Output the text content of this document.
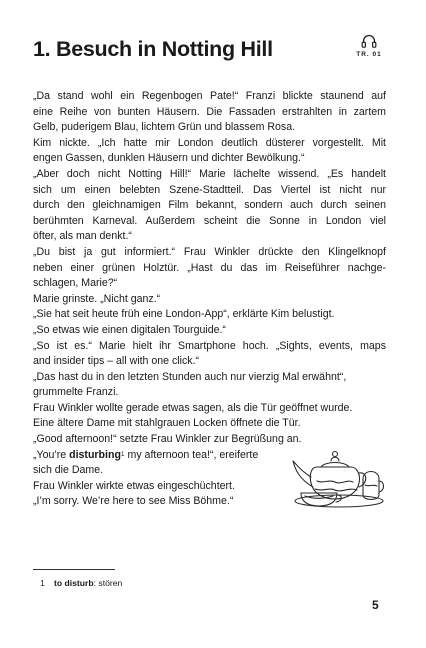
1. Besuch in Notting Hill	TR. 01
„Da stand wohl ein Regenbogen Pate!“ Franzi blickte staunend auf
eine Reihe von bunten Häusern. Die Fassaden erstrahlten in zartem
Gelb, puderigem Blau, lichtem Grün und blassem Rosa.
Kim nickte. „Ich hatte mir London deutlich düsterer vorgestellt. Mit
engen Gassen, dunklen Häusern und dichter Bewölkung.“
„Aber doch nicht Notting Hill!“ Marie lächelte wissend. „Es handelt
sich um einen belebten Szene-Stadtteil. Das Viertel ist nicht nur
durch den gleichnamigen Film bekannt, sondern auch durch seinen
berühmten Karneval. Außerdem scheint die Sonne in London viel
öfter, als man denkt.“
„Du bist ja gut informiert.“ Frau Winkler drückte den Klingelknopf
neben einer grünen Holztür. „Hast du das im Reiseführer nachge-
schlagen, Marie?“
Marie grinste. „Nicht ganz.“
„Sie hat seit heute früh eine London-App“, erklärte Kim belustigt.
„So etwas wie einen digitalen Tourguide.“
„So ist es.“ Marie hielt ihr Smartphone hoch. „Sights, events, maps
and insider tips – all with one click.“
„Das hast du in den letzten Stunden auch nur vierzig Mal erwähnt“,
grummelte Franzi.
Frau Winkler wollte gerade etwas sagen, als die Tür geöffnet wurde.
Eine ältere Dame mit stahlgrauen Locken öffnete die Tür.
„Good afternoon!“ setzte Frau Winkler zur Begrüßung an.
„You’re disturbing$^1$ my afternoon tea!“, ereiferte
sich die Dame.
Frau Winkler wirkte etwas eingeschüchtert.
„I’m sorry. We’re here to see Miss Böhme.“
1 to disturb: stören
5
